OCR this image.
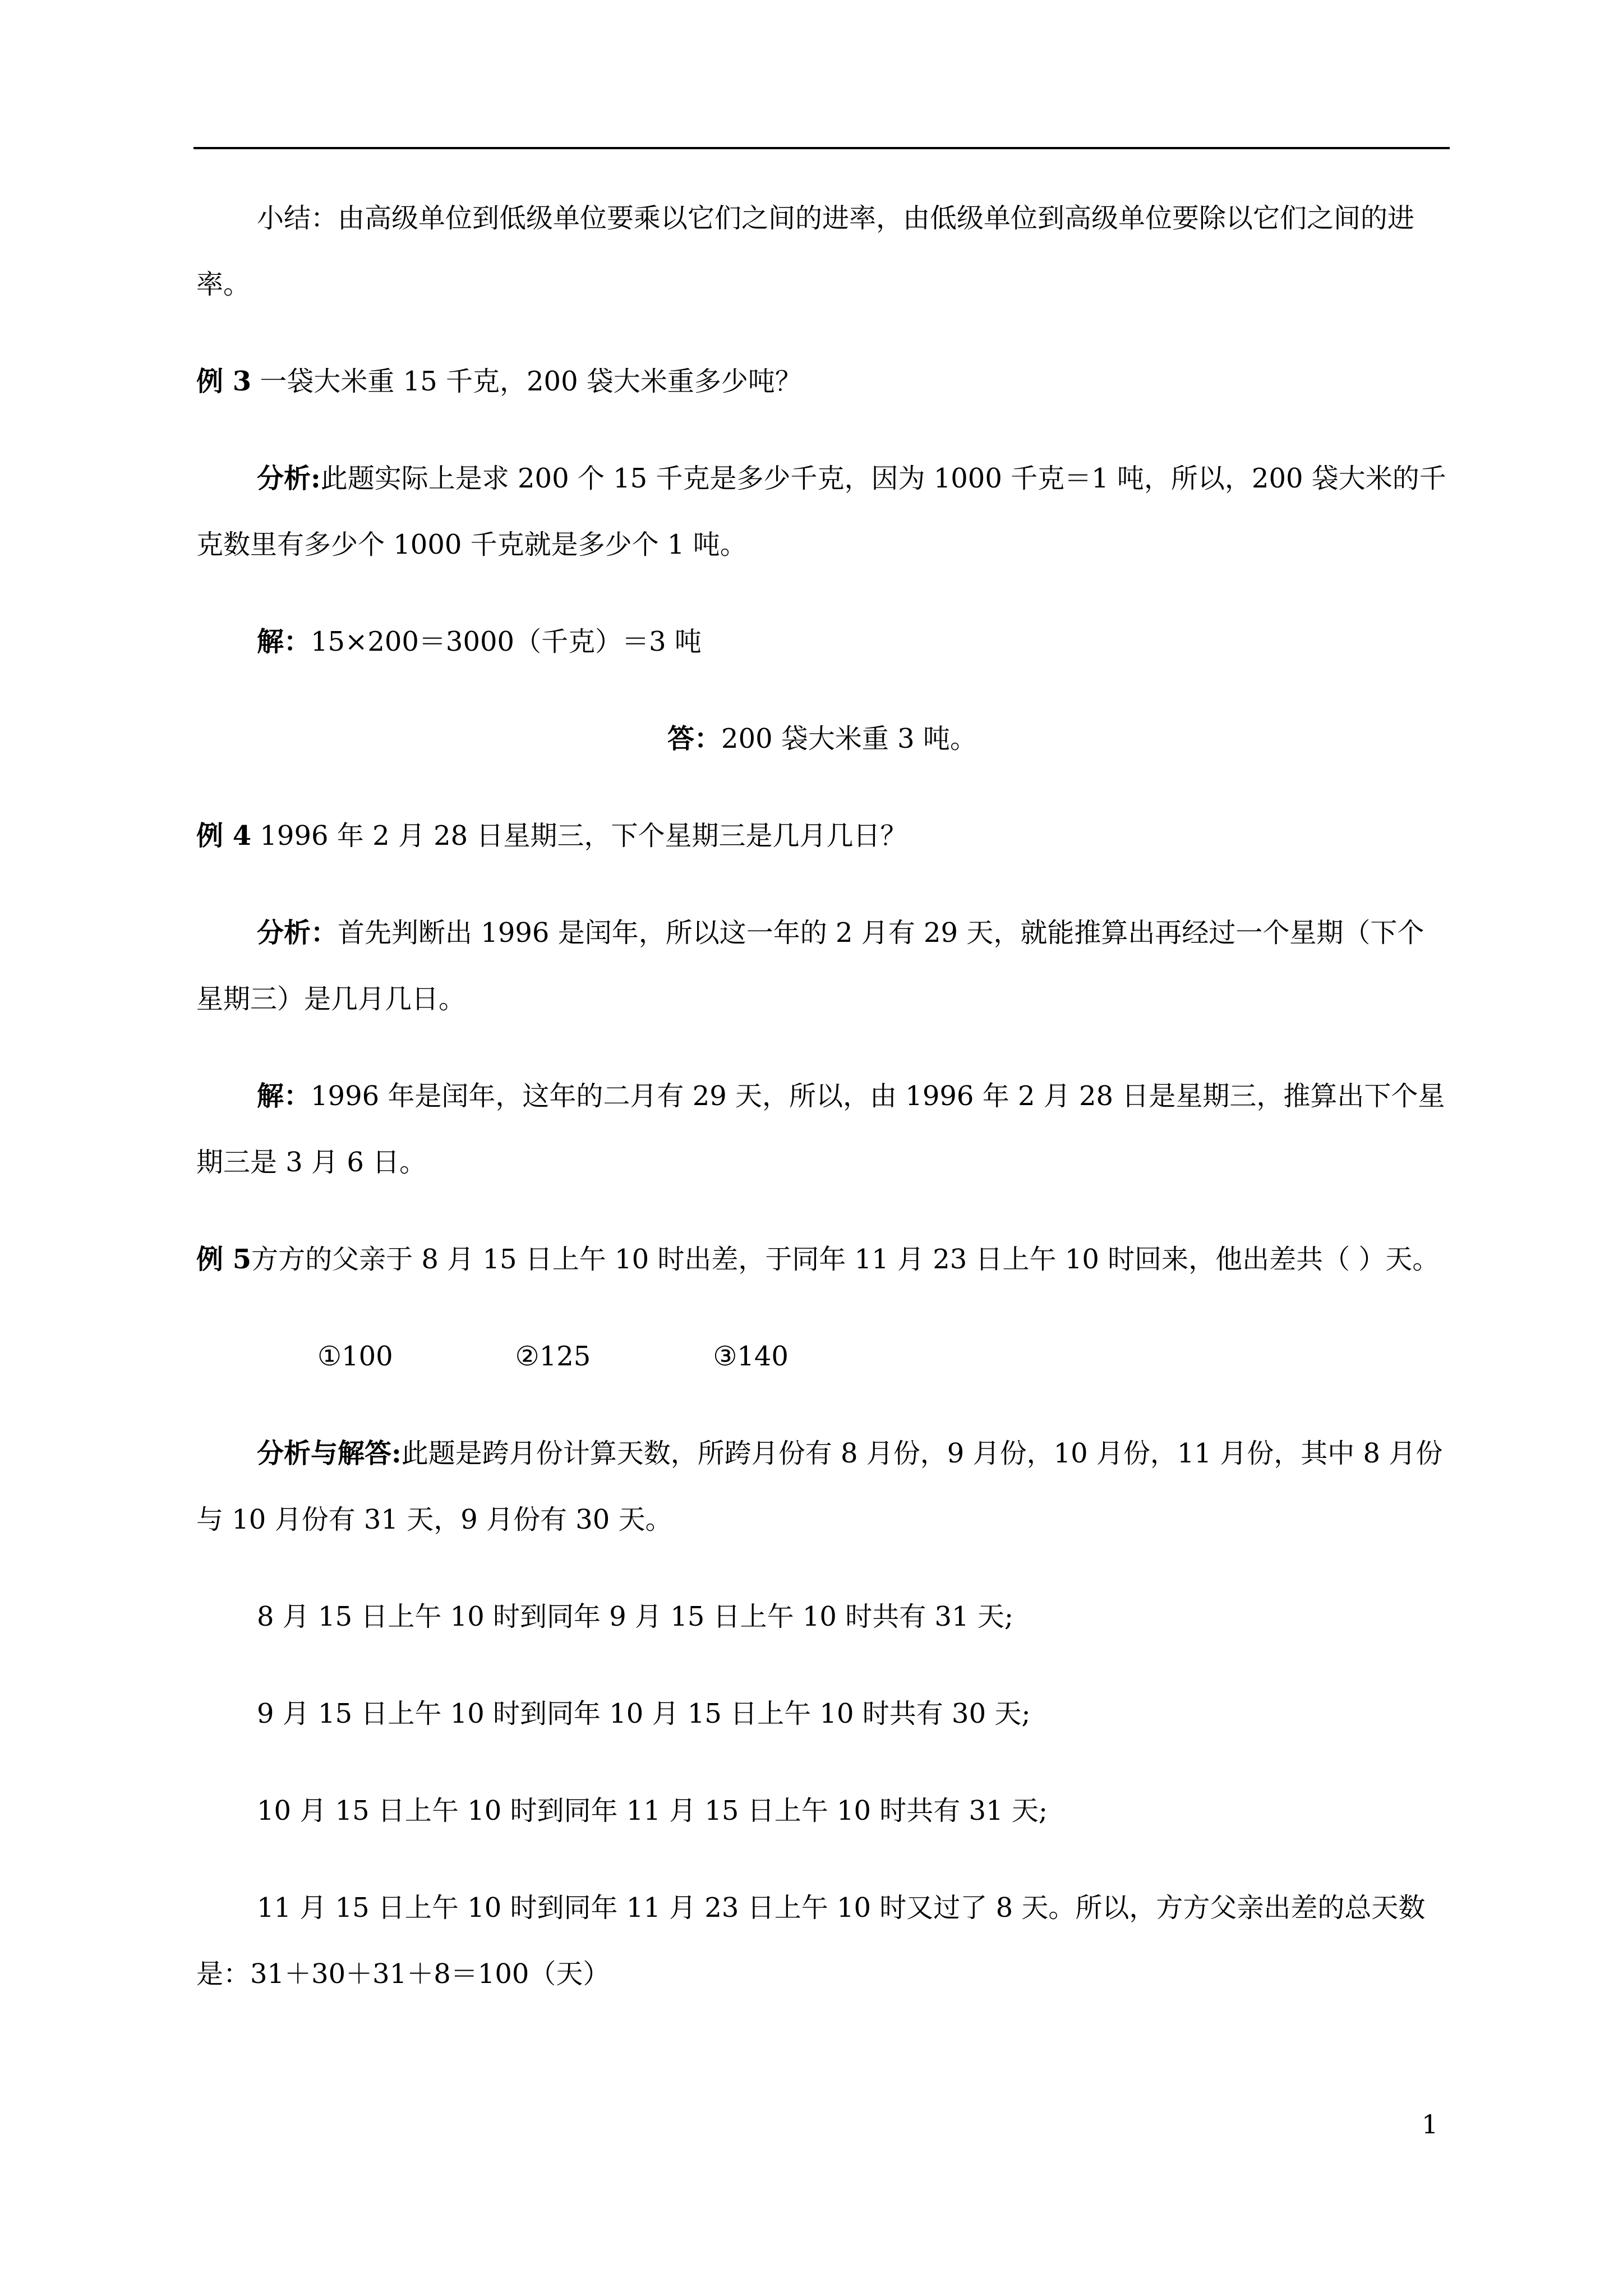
小结：由高级单位到低级单位要乘以它们之间的进率，由低级单位到高级单位要除以它们之间的进率。

例 3 一袋大米重 15 千克，200 袋大米重多少吨？

分析:此题实际上是求 200 个 15 千克是多少千克，因为 1000 千克＝1 吨，所以，200 袋大米的千克数里有多少个 1000 千克就是多少个 1 吨。

解：15×200＝3000（千克）＝3 吨

答：200 袋大米重 3 吨。

例 4 1996 年 2 月 28 日星期三，下个星期三是几月几日？

分析：首先判断出 1996 是闰年，所以这一年的 2 月有 29 天，就能推算出再经过一个星期（下个星期三）是几月几日。

解：1996 年是闰年，这年的二月有 29 天，所以，由 1996 年 2 月 28 日是星期三，推算出下个星期三是 3 月 6 日。

例 5方方的父亲于 8 月 15 日上午 10 时出差，于同年 11 月 23 日上午 10 时回来，他出差共（ ）天。

①100	②125	③140

分析与解答:此题是跨月份计算天数，所跨月份有 8 月份，9 月份，10 月份，11 月份，其中 8 月份与 10 月份有 31 天，9 月份有 30 天。

8 月 15 日上午 10 时到同年 9 月 15 日上午 10 时共有 31 天;

9 月 15 日上午 10 时到同年 10 月 15 日上午 10 时共有 30 天;

10 月 15 日上午 10 时到同年 11 月 15 日上午 10 时共有 31 天;

11 月 15 日上午 10 时到同年 11 月 23 日上午 10 时又过了 8 天。所以，方方父亲出差的总天数是：31＋30＋31＋8＝100（天）

1
